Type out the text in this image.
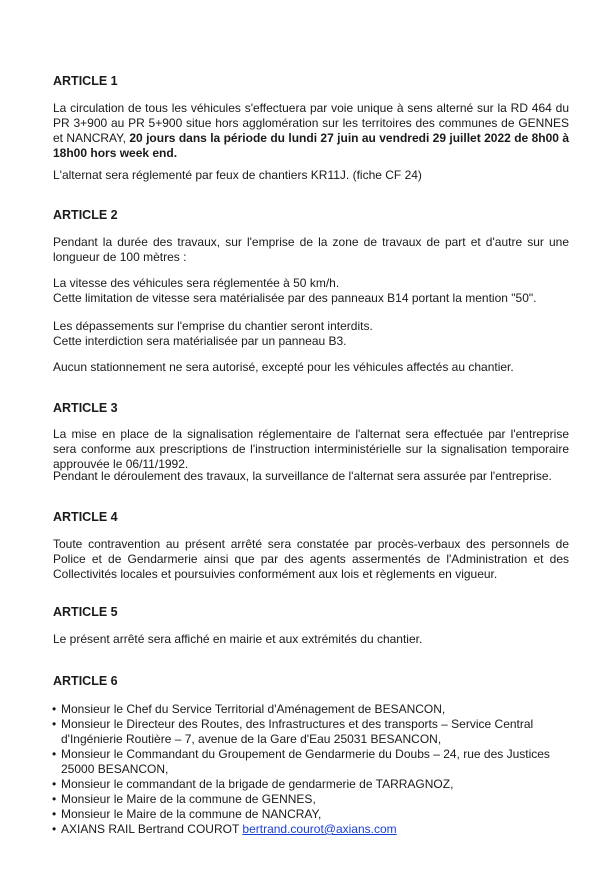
ARTICLE 1

La circulation de tous les véhicules s'effectuera par voie unique à sens alterné sur la RD 464 du PR 3+900 au PR 5+900 situe hors agglomération sur les territoires des communes de GENNES et NANCRAY, 20 jours dans la période du lundi 27 juin au vendredi 29 juillet 2022 de 8h00 à 18h00 hors week end.

L'alternat sera réglementé par feux de chantiers KR11J. (fiche CF 24)

ARTICLE 2

Pendant la durée des travaux, sur l'emprise de la zone de travaux de part et d'autre sur une longueur de 100 mètres :

La vitesse des véhicules sera réglementée à 50 km/h.

Cette limitation de vitesse sera matérialisée par des panneaux B14 portant la mention "50".

Les dépassements sur l'emprise du chantier seront interdits.

Cette interdiction sera matérialisée par un panneau B3.

Aucun stationnement ne sera autorisé, excepté pour les véhicules affectés au chantier.

ARTICLE 3

La mise en place de la signalisation réglementaire de l'alternat sera effectuée par l'entreprise sera conforme aux prescriptions de l'instruction interministérielle sur la signalisation temporaire approuvée le 06/11/1992.

Pendant le déroulement des travaux, la surveillance de l'alternat sera assurée par l'entreprise.

ARTICLE 4

Toute contravention au présent arrêté sera constatée par procès-verbaux des personnels de Police et de Gendarmerie ainsi que par des agents assermentés de l'Administration et des Collectivités locales et poursuivies conformément aux lois et règlements en vigueur.

ARTICLE 5

Le présent arrêté sera affiché en mairie et aux extrémités du chantier.

ARTICLE 6
• Monsieur le Chef du Service Territorial d'Aménagement de BESANCON,
• Monsieur le Directeur des Routes, des Infrastructures et des transports – Service Central d'Ingénierie Routière – 7, avenue de la Gare d'Eau 25031 BESANCON,
• Monsieur le Commandant du Groupement de Gendarmerie du Doubs – 24, rue des Justices 25000 BESANCON,
• Monsieur le commandant de la brigade de gendarmerie de TARRAGNOZ,
• Monsieur le Maire de la commune de GENNES,
• Monsieur le Maire de la commune de NANCRAY,
• AXIANS RAIL Bertrand COUROT bertrand.courot@axians.com
